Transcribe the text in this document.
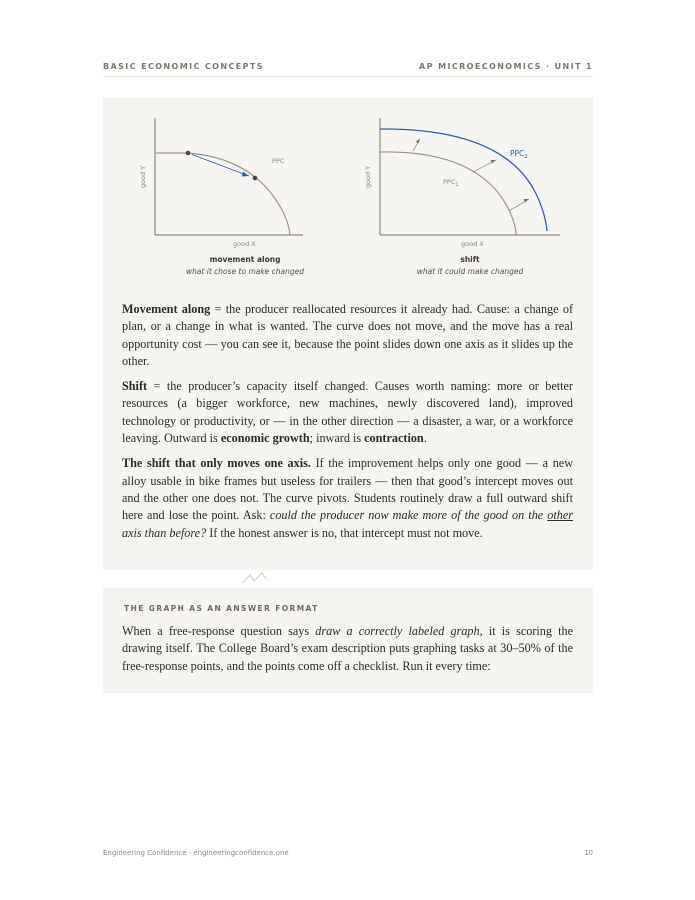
BASIC ECONOMIC CONCEPTS	AP MICROECONOMICS · UNIT 1
PPC
good Y
good X
$PPC_1$
$PPC_2$
good Y
good X
movement along
what it chose to make changed
shift
what it could make changed

Movement along = the producer reallocated resources it already had. Cause: a change of plan, or a change in what is wanted. The curve does not move, and the move has a real opportunity cost — you can see it, because the point slides down one axis as it slides up the other.

Shift = the producer’s capacity itself changed. Causes worth naming: more or better resources (a bigger workforce, new machines, newly discovered land), improved technology or productivity, or — in the other direction — a disaster, a war, or a workforce leaving. Outward is economic growth; inward is contraction.

The shift that only moves one axis. If the improvement helps only one good — a new alloy usable in bike frames but useless for trailers — then that good’s intercept moves out and the other one does not. The curve pivots. Students routinely draw a full outward shift here and lose the point. Ask: could the producer now make more of the good on the other axis than before? If the honest answer is no, that intercept must not move.

THE GRAPH AS AN ANSWER FORMAT

When a free-response question says draw a correctly labeled graph, it is scoring the drawing itself. The College Board’s exam description puts graphing tasks at 30–50% of the free-response points, and the points come off a checklist. Run it every time:

Engineering Confidence · engineeringconfidence.one	10
